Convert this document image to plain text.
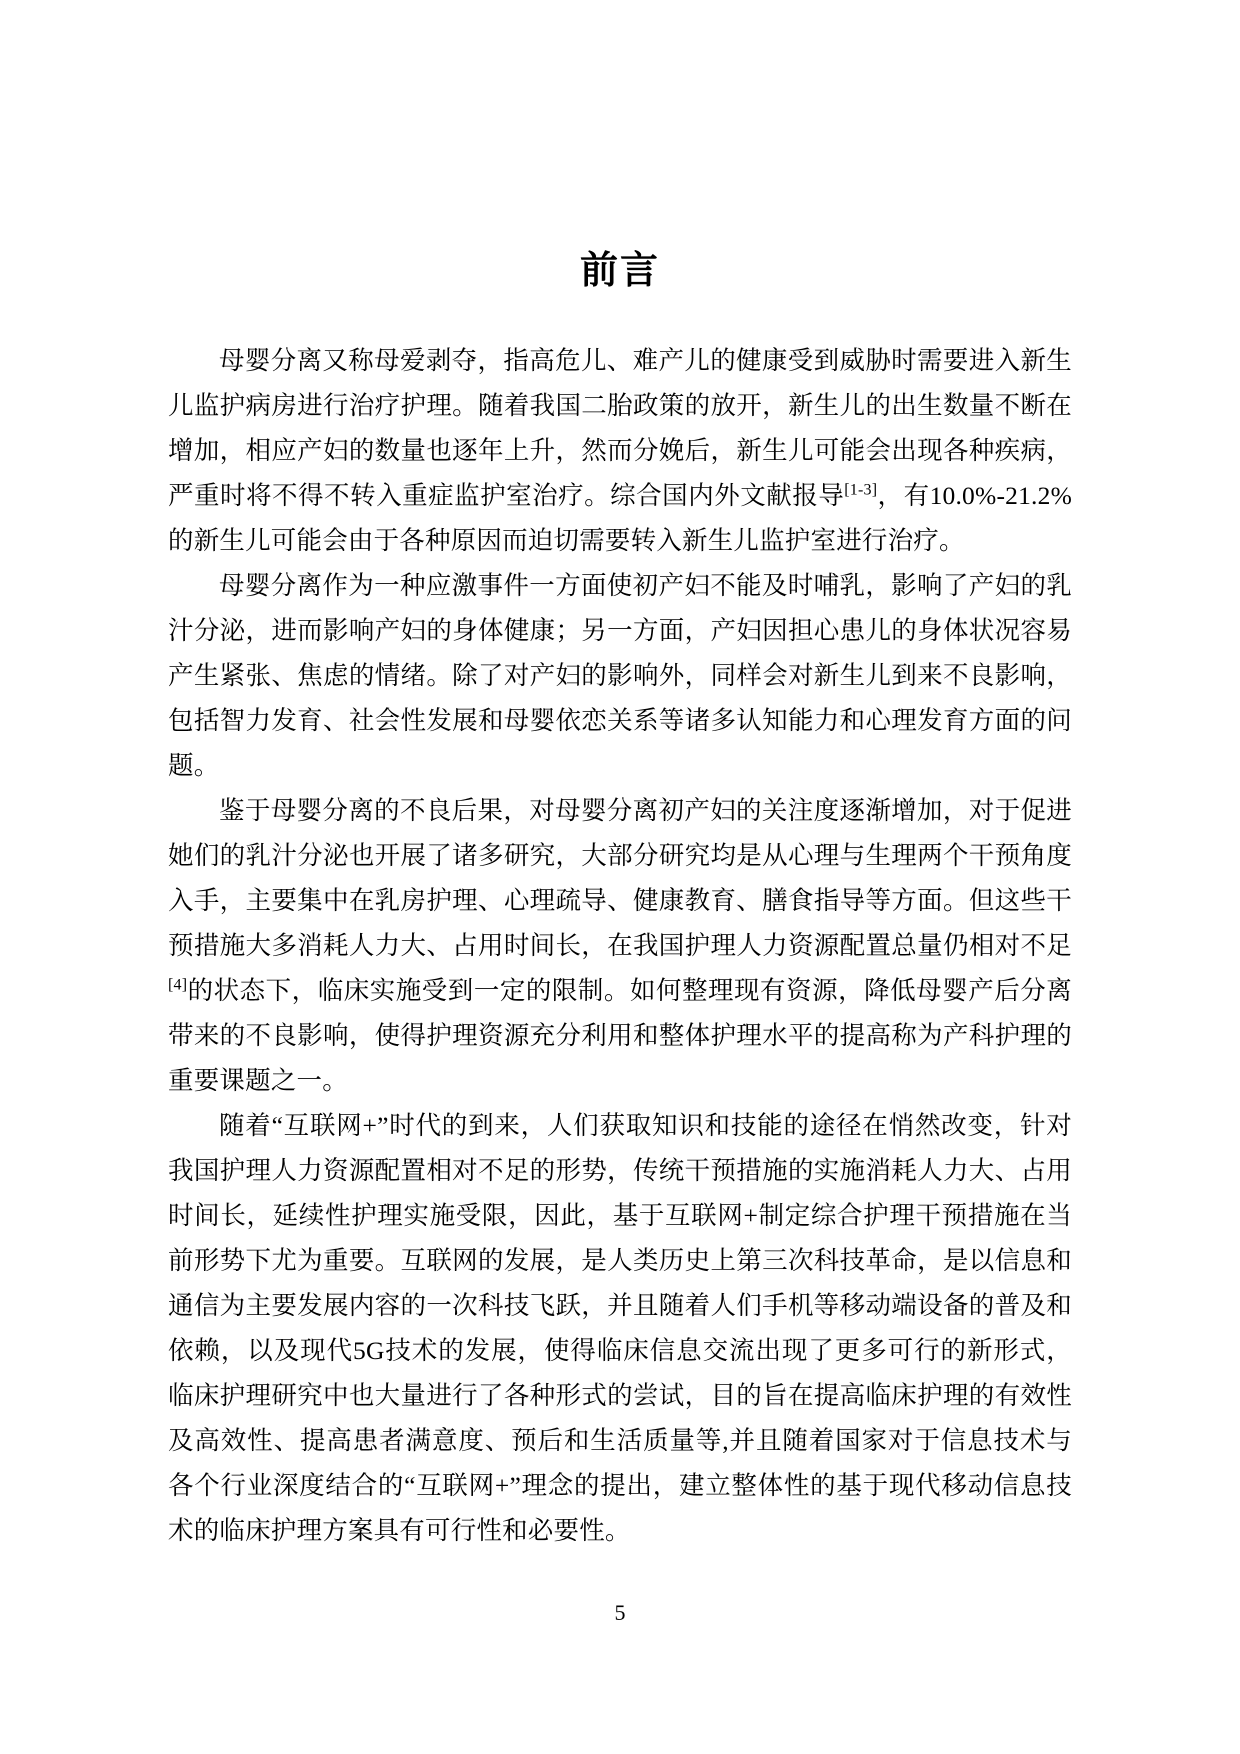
前言

母婴分离又称母爱剥夺，指高危儿、难产儿的健康受到威胁时需要进入新生儿监护病房进行治疗护理。随着我国二胎政策的放开，新生儿的出生数量不断在增加，相应产妇的数量也逐年上升，然而分娩后，新生儿可能会出现各种疾病，严重时将不得不转入重症监护室治疗。综合国内外文献报导[1-3]，有10.0%-21.2%的新生儿可能会由于各种原因而迫切需要转入新生儿监护室进行治疗。

母婴分离作为一种应激事件一方面使初产妇不能及时哺乳，影响了产妇的乳汁分泌，进而影响产妇的身体健康；另一方面，产妇因担心患儿的身体状况容易产生紧张、焦虑的情绪。除了对产妇的影响外，同样会对新生儿到来不良影响，包括智力发育、社会性发展和母婴依恋关系等诸多认知能力和心理发育方面的问题。

鉴于母婴分离的不良后果，对母婴分离初产妇的关注度逐渐增加，对于促进她们的乳汁分泌也开展了诸多研究，大部分研究均是从心理与生理两个干预角度入手，主要集中在乳房护理、心理疏导、健康教育、膳食指导等方面。但这些干预措施大多消耗人力大、占用时间长，在我国护理人力资源配置总量仍相对不足[4]的状态下，临床实施受到一定的限制。如何整理现有资源，降低母婴产后分离带来的不良影响，使得护理资源充分利用和整体护理水平的提高称为产科护理的重要课题之一。

随着“互联网+”时代的到来，人们获取知识和技能的途径在悄然改变，针对我国护理人力资源配置相对不足的形势，传统干预措施的实施消耗人力大、占用时间长，延续性护理实施受限，因此，基于互联网+制定综合护理干预措施在当前形势下尤为重要。互联网的发展，是人类历史上第三次科技革命，是以信息和通信为主要发展内容的一次科技飞跃，并且随着人们手机等移动端设备的普及和依赖，以及现代5G技术的发展，使得临床信息交流出现了更多可行的新形式，临床护理研究中也大量进行了各种形式的尝试，目的旨在提高临床护理的有效性及高效性、提高患者满意度、预后和生活质量等,并且随着国家对于信息技术与各个行业深度结合的“互联网+”理念的提出，建立整体性的基于现代移动信息技术的临床护理方案具有可行性和必要性。

5
